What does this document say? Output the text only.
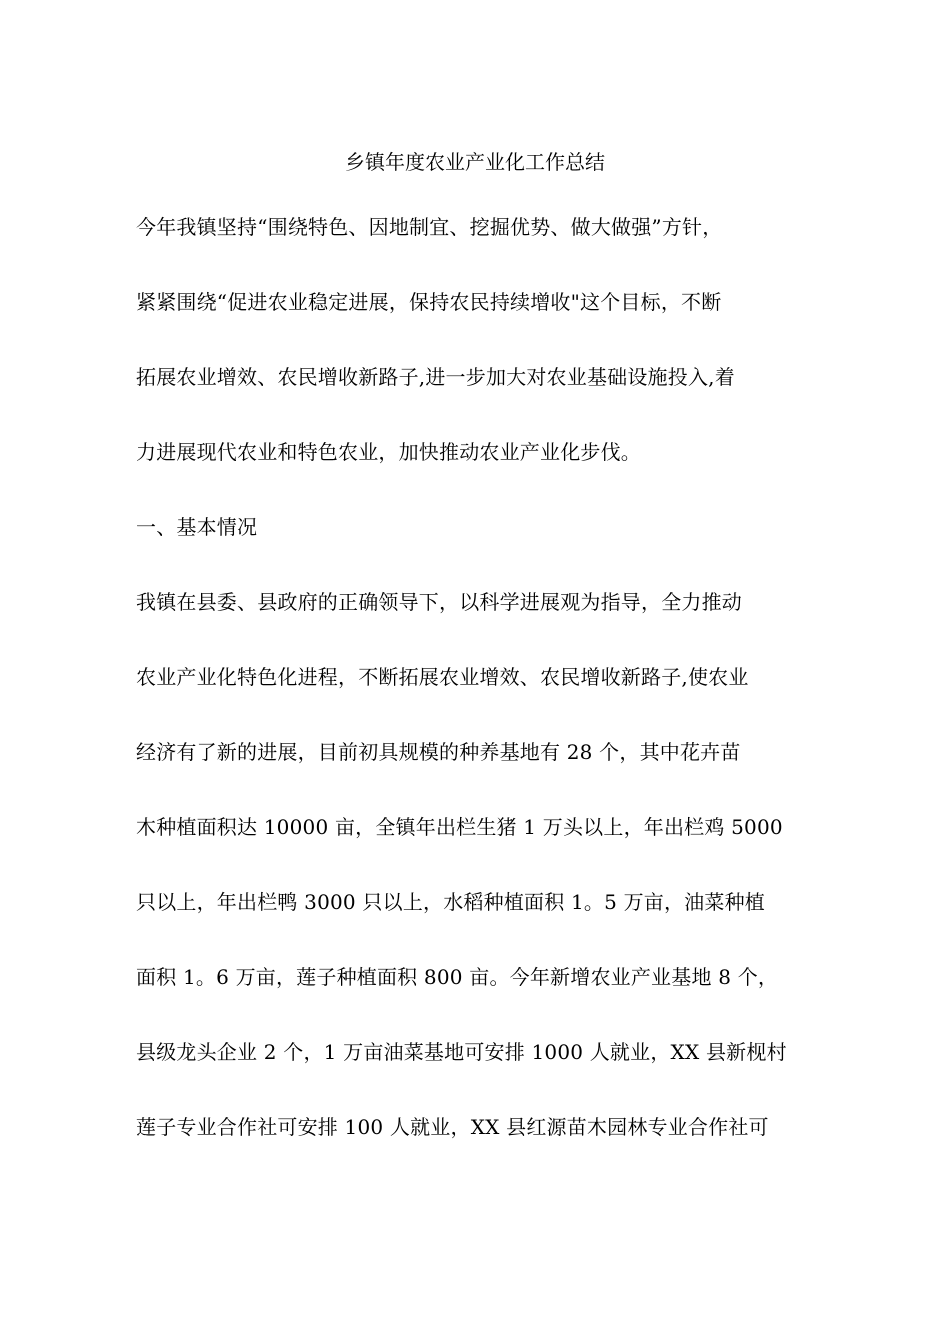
乡镇年度农业产业化工作总结
今年我镇坚持“围绕特色、因地制宜、挖掘优势、做大做强”方针，
紧紧围绕“促进农业稳定进展，保持农民持续增收"这个目标，不断
拓展农业增效、农民增收新路子,进一步加大对农业基础设施投入,着
力进展现代农业和特色农业，加快推动农业产业化步伐。
一、基本情况
我镇在县委、县政府的正确领导下，以科学进展观为指导，全力推动
农业产业化特色化进程，不断拓展农业增效、农民增收新路子,使农业
经济有了新的进展，目前初具规模的种养基地有 28 个，其中花卉苗
木种植面积达 10000 亩，全镇年出栏生猪 1 万头以上，年出栏鸡 5000
只以上，年出栏鸭 3000 只以上，水稻种植面积 1。5 万亩，油菜种植
面积 1。6 万亩，莲子种植面积 800 亩。今年新增农业产业基地 8 个，
县级龙头企业 2 个，1 万亩油菜基地可安排 1000 人就业，XX 县新枧村
莲子专业合作社可安排 100 人就业，XX 县红源苗木园林专业合作社可
